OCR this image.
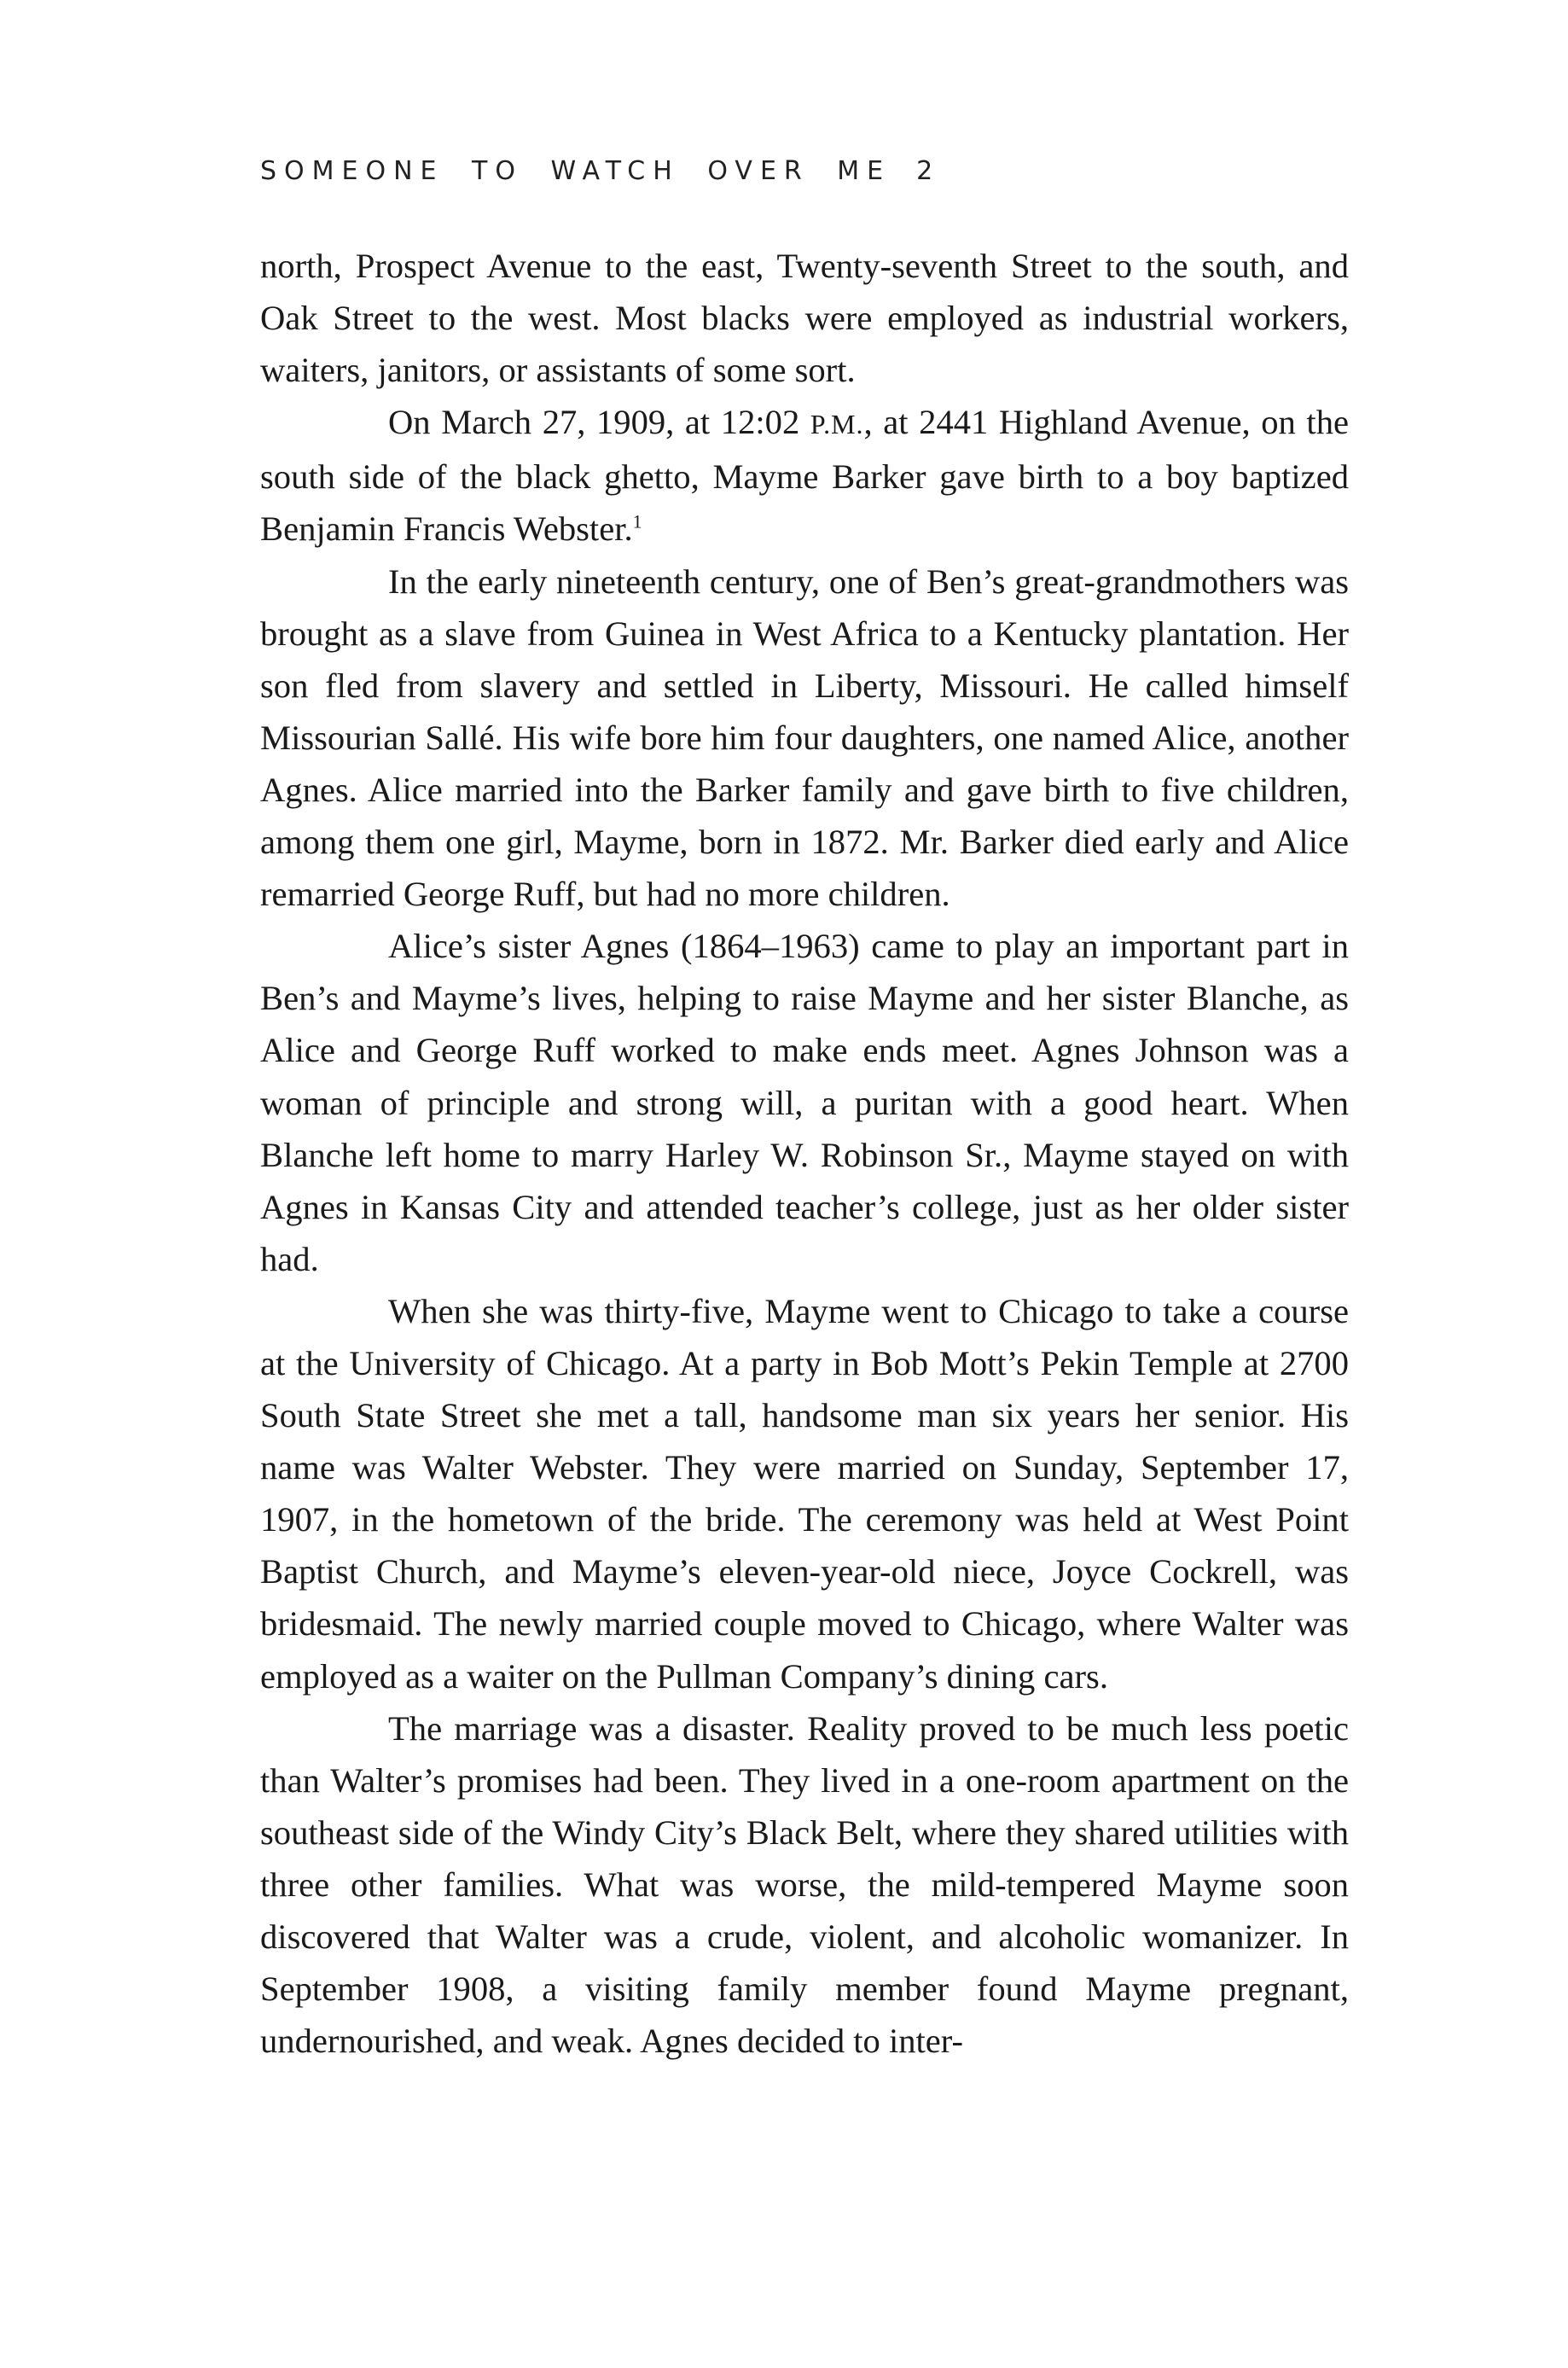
SOMEONE TO WATCH OVER ME 2

north, Prospect Avenue to the east, Twenty-seventh Street to the south, and Oak Street to the west. Most blacks were employed as industrial workers, waiters, janitors, or assistants of some sort.

On March 27, 1909, at 12:02 P.M., at 2441 Highland Avenue, on the south side of the black ghetto, Mayme Barker gave birth to a boy baptized Benjamin Francis Webster.$^1$

In the early nineteenth century, one of Ben’s great-grandmothers was brought as a slave from Guinea in West Africa to a Kentucky plantation. Her son fled from slavery and settled in Liberty, Missouri. He called himself Missourian Sallé. His wife bore him four daughters, one named Alice, another Agnes. Alice married into the Barker family and gave birth to five children, among them one girl, Mayme, born in 1872. Mr. Barker died early and Alice remarried George Ruff, but had no more children.

Alice’s sister Agnes (1864–1963) came to play an important part in Ben’s and Mayme’s lives, helping to raise Mayme and her sister Blanche, as Alice and George Ruff worked to make ends meet. Agnes Johnson was a woman of principle and strong will, a puritan with a good heart. When Blanche left home to marry Harley W. Robinson Sr., Mayme stayed on with Agnes in Kansas City and attended teacher’s college, just as her older sister had.

When she was thirty-five, Mayme went to Chicago to take a course at the University of Chicago. At a party in Bob Mott’s Pekin Temple at 2700 South State Street she met a tall, handsome man six years her senior. His name was Walter Webster. They were married on Sunday, September 17, 1907, in the hometown of the bride. The ceremony was held at West Point Baptist Church, and Mayme’s eleven-year-old niece, Joyce Cockrell, was bridesmaid. The newly married couple moved to Chicago, where Walter was employed as a waiter on the Pullman Company’s dining cars.

The marriage was a disaster. Reality proved to be much less poetic than Walter’s promises had been. They lived in a one-room apartment on the southeast side of the Windy City’s Black Belt, where they shared utilities with three other families. What was worse, the mild-tempered Mayme soon discovered that Walter was a crude, violent, and alcoholic womanizer. In September 1908, a visiting family member found Mayme pregnant, undernourished, and weak. Agnes decided to inter-
